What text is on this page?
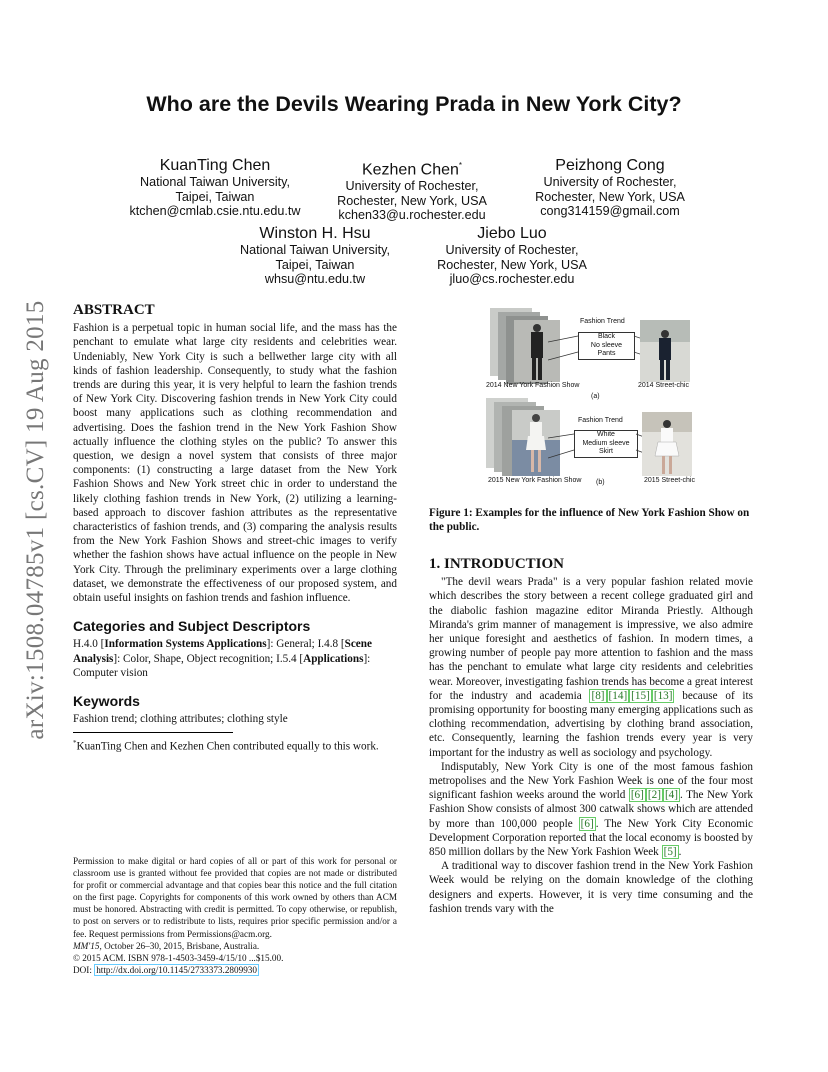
Who are the Devils Wearing Prada in New York City?
KuanTing Chen
National Taiwan University,
Taipei, Taiwan
ktchen@cmlab.csie.ntu.edu.tw
Kezhen Chen*
University of Rochester,
Rochester, New York, USA
kchen33@u.rochester.edu
Peizhong Cong
University of Rochester,
Rochester, New York, USA
cong314159@gmail.com
Winston H. Hsu
National Taiwan University,
Taipei, Taiwan
whsu@ntu.edu.tw
Jiebo Luo
University of Rochester,
Rochester, New York, USA
jluo@cs.rochester.edu
arXiv:1508.04785v1 [cs.CV] 19 Aug 2015	ABSTRACT
Fashion is a perpetual topic in human social life, and the mass has the penchant to emulate what large city residents and celebrities wear. Undeniably, New York City is such a bellwether large city with all kinds of fashion leadership. Consequently, to study what the fashion trends are during this year, it is very helpful to learn the fashion trends of New York City. Discovering fashion trends in New York City could boost many applications such as clothing recommendation and advertising. Does the fashion trend in the New York Fashion Show actually influence the clothing styles on the public? To answer this question, we design a novel system that consists of three major components: (1) constructing a large dataset from the New York Fashion Shows and New York street chic in order to understand the likely clothing fashion trends in New York, (2) utilizing a learning-based approach to discover fashion attributes as the representative characteristics of fashion trends, and (3) comparing the analysis results from the New York Fashion Shows and street-chic images to verify whether the fashion shows have actual influence on the people in New York City. Through the preliminary experiments over a large clothing dataset, we demonstrate the effectiveness of our proposed system, and obtain useful insights on fashion trends and fashion influence.
Categories and Subject Descriptors
H.4.0 [Information Systems Applications]: General; I.4.8 [Scene Analysis]: Color, Shape, Object recognition; I.5.4 [Applications]: Computer vision
Keywords
Fashion trend; clothing attributes; clothing style
*KuanTing Chen and Kezhen Chen contributed equally to this work.
Permission to make digital or hard copies of all or part of this work for personal or classroom use is granted without fee provided that copies are not made or distributed for profit or commercial advantage and that copies bear this notice and the full citation on the first page. Copyrights for components of this work owned by others than ACM must be honored. Abstracting with credit is permitted. To copy otherwise, or republish, to post on servers or to redistribute to lists, requires prior specific permission and/or a fee. Request permissions from Permissions@acm.org.
MM'15, October 26–30, 2015, Brisbane, Australia.
© 2015 ACM. ISBN 978-1-4503-3459-4/15/10 ...$15.00.
DOI: http://dx.doi.org/10.1145/2733373.2809930
Fashion Trend
Black
No sleeve
Pants
2014 New York Fashion Show	2014 Street-chic
(a)
Fashion Trend
White
Medium sleeve
Skirt
2015 New York Fashion Show (b)	2015 Street-chic
Figure 1: Examples for the influence of New York Fashion Show on the public.
1. INTRODUCTION

"The devil wears Prada" is a very popular fashion related movie which describes the story between a recent college graduated girl and the diabolic fashion magazine editor Miranda Priestly. Although Miranda's grim manner of management is impressive, we also admire her unique foresight and aesthetics of fashion. In modern times, a growing number of people pay more attention to fashion and the mass has the penchant to emulate what large city residents and celebrities wear. Moreover, investigating fashion trends has become a great interest for the industry and academia [8] [14] [15] [13] because of its promising opportunity for boosting many emerging applications such as clothing recommendation, advertising by clothing brand association, etc. Consequently, learning the fashion trends every year is very important for the industry as well as sociology and psychology.

Indisputably, New York City is one of the most famous fashion metropolises and the New York Fashion Week is one of the four most significant fashion weeks around the world [6] [2] [4] . The New York Fashion Show consists of almost 300 catwalk shows which are attended by more than 100,000 people [6] . The New York City Economic Development Corporation reported that the local economy is boosted by 850 million dollars by the New York Fashion Week [5] .

A traditional way to discover fashion trend in the New York Fashion Week would be relying on the domain knowledge of the clothing designers and experts. However, it is very time consuming and the fashion trends vary with the
